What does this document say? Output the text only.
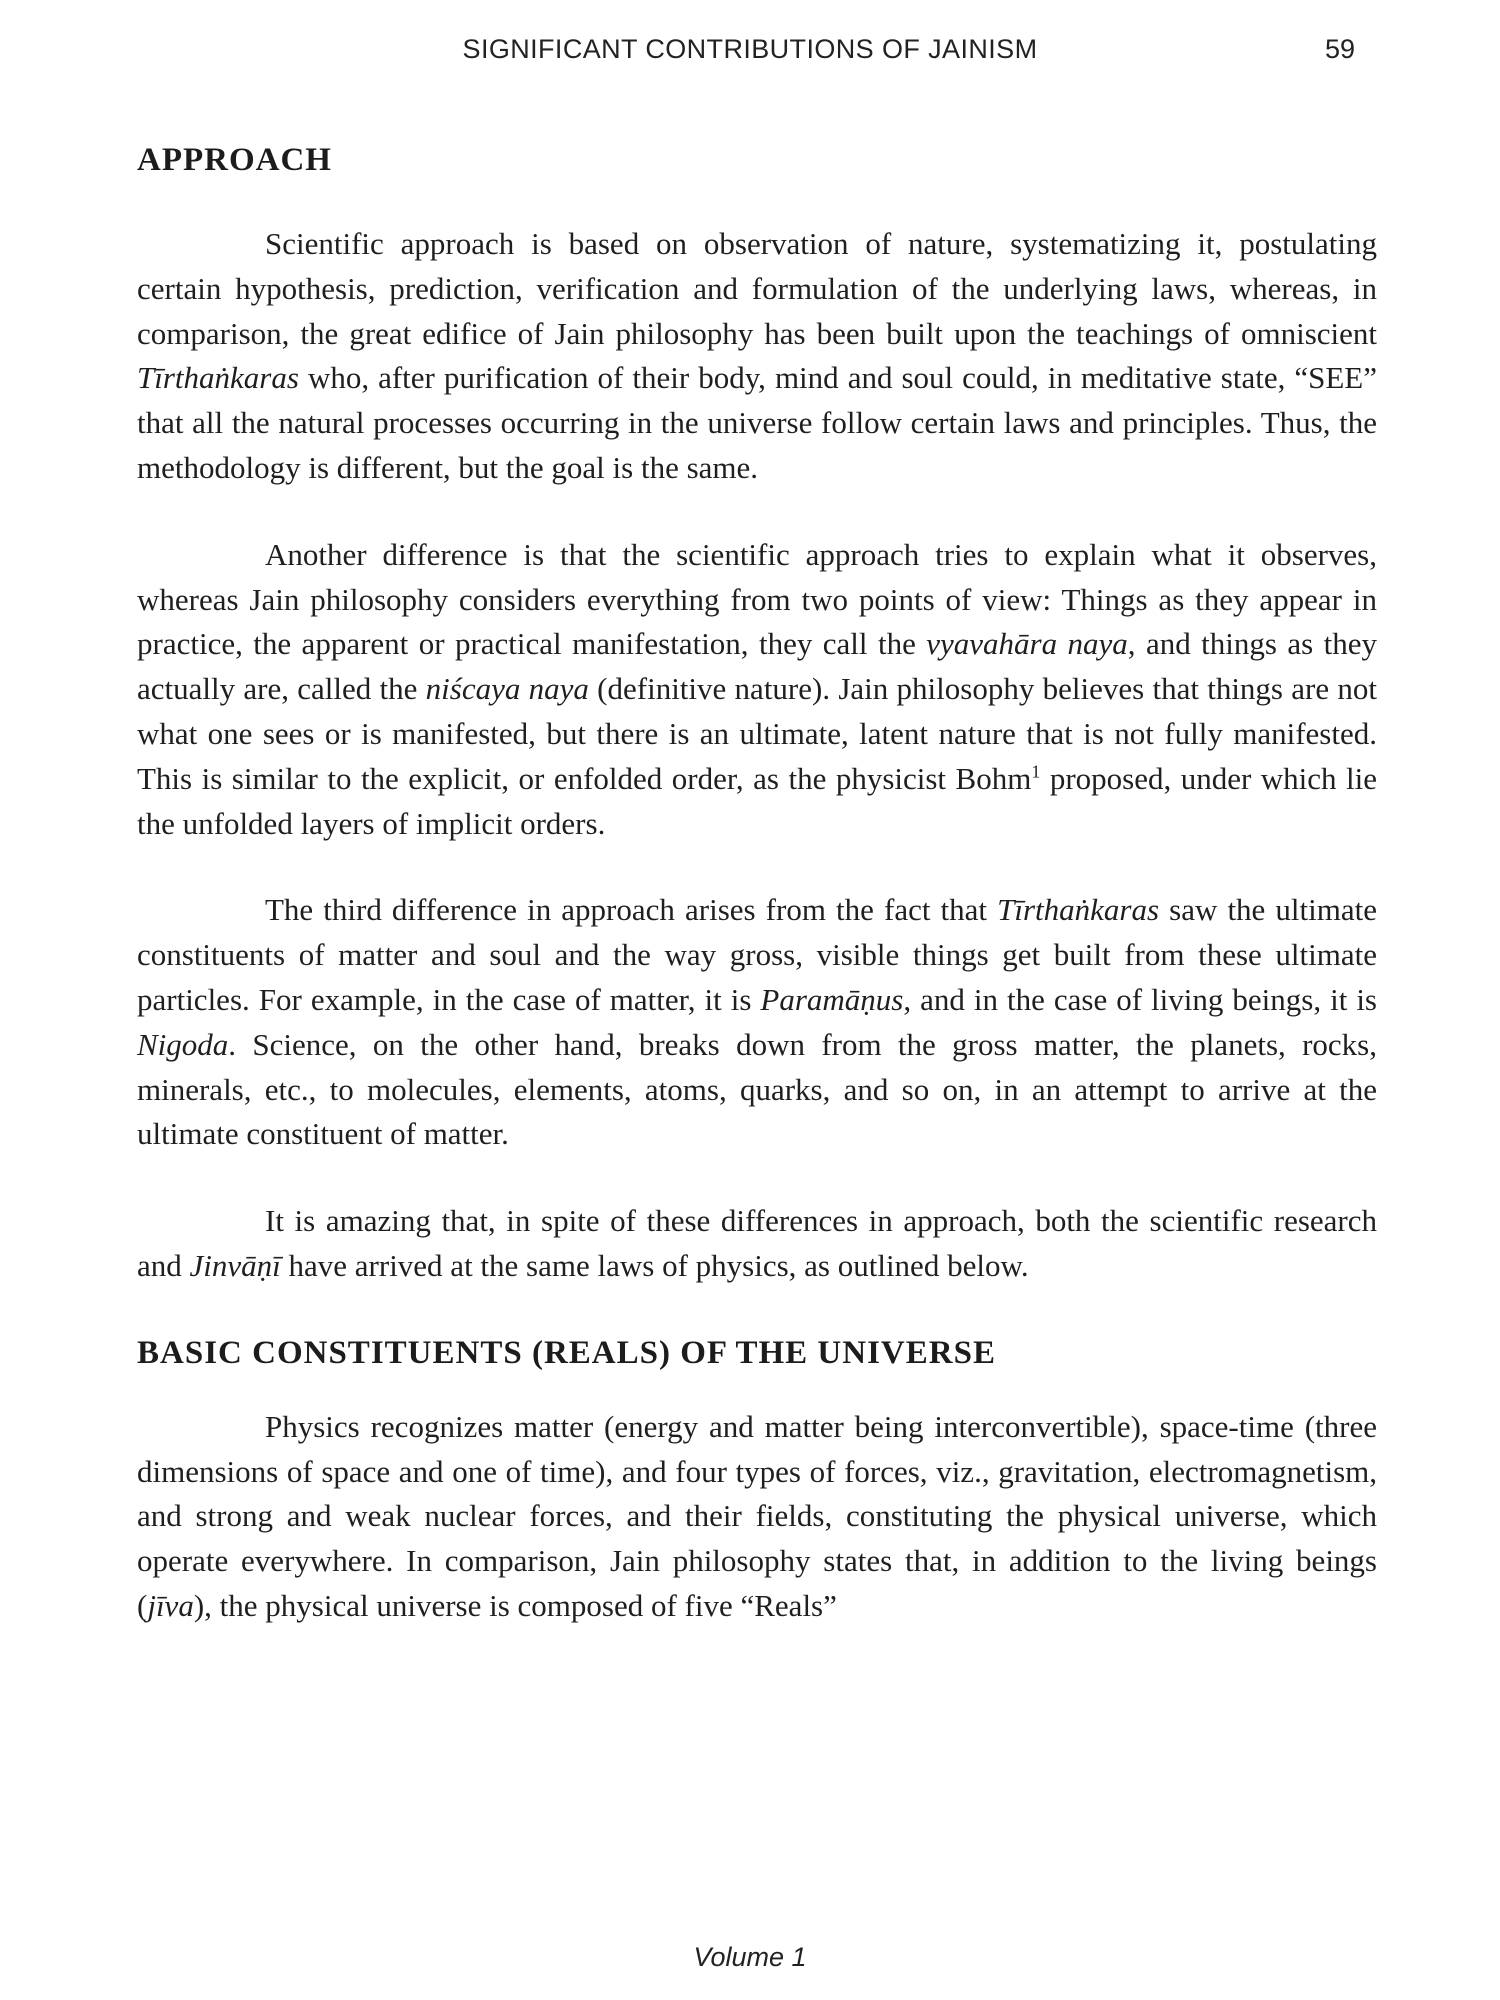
SIGNIFICANT CONTRIBUTIONS OF JAINISM	59
APPROACH

Scientific approach is based on observation of nature, systematizing it, postulating certain hypothesis, prediction, verification and formulation of the underlying laws, whereas, in comparison, the great edifice of Jain philosophy has been built upon the teachings of omniscient Tīrthaṅkaras who, after purification of their body, mind and soul could, in meditative state, “SEE” that all the natural processes occurring in the universe follow certain laws and principles. Thus, the methodology is different, but the goal is the same.

Another difference is that the scientific approach tries to explain what it observes, whereas Jain philosophy considers everything from two points of view: Things as they appear in practice, the apparent or practical manifestation, they call the vyavahāra naya, and things as they actually are, called the niścaya naya (definitive nature). Jain philosophy believes that things are not what one sees or is manifested, but there is an ultimate, latent nature that is not fully manifested. This is similar to the explicit, or enfolded order, as the physicist Bohm$^1$ proposed, under which lie the unfolded layers of implicit orders.

The third difference in approach arises from the fact that Tīrthaṅkaras saw the ultimate constituents of matter and soul and the way gross, visible things get built from these ultimate particles. For example, in the case of matter, it is Paramāṇus, and in the case of living beings, it is Nigoda. Science, on the other hand, breaks down from the gross matter, the planets, rocks, minerals, etc., to molecules, elements, atoms, quarks, and so on, in an attempt to arrive at the ultimate constituent of matter.

It is amazing that, in spite of these differences in approach, both the scientific research and Jinvāṇī have arrived at the same laws of physics, as outlined below.

BASIC CONSTITUENTS (REALS) OF THE UNIVERSE

Physics recognizes matter (energy and matter being interconvertible), space-time (three dimensions of space and one of time), and four types of forces, viz., gravitation, electromagnetism, and strong and weak nuclear forces, and their fields, constituting the physical universe, which operate everywhere. In comparison, Jain philosophy states that, in addition to the living beings (jīva), the physical universe is composed of five “Reals”

Volume 1
